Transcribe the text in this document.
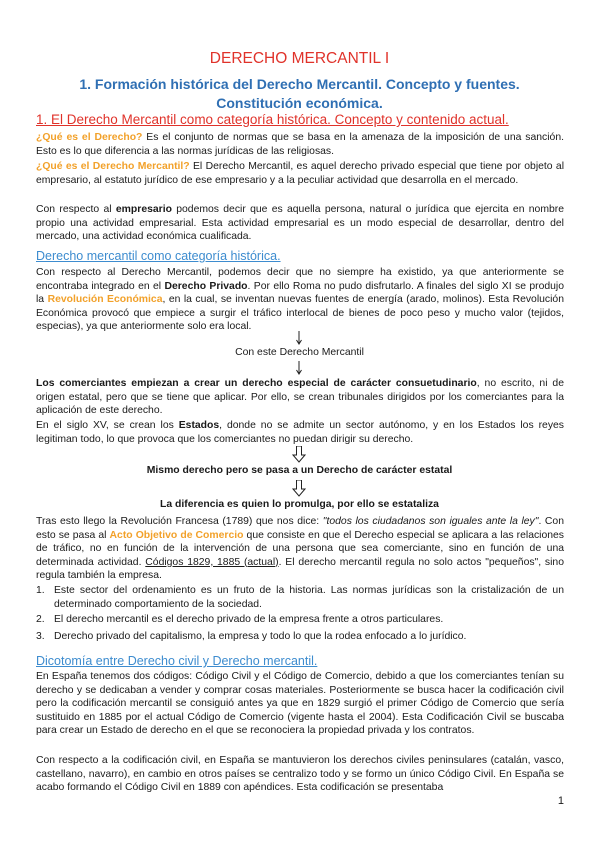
DERECHO MERCANTIL I
1. Formación histórica del Derecho Mercantil. Concepto y fuentes.
Constitución económica.
1. El Derecho Mercantil como categoría histórica. Concepto y contenido actual.

¿Qué es el Derecho? Es el conjunto de normas que se basa en la amenaza de la imposición de una sanción. Esto es lo que diferencia a las normas jurídicas de las religiosas.

¿Qué es el Derecho Mercantil? El Derecho Mercantil, es aquel derecho privado especial que tiene por objeto al empresario, al estatuto jurídico de ese empresario y a la peculiar actividad que desarrolla en el mercado.

Con respecto al empresario podemos decir que es aquella persona, natural o jurídica que ejercita en nombre propio una actividad empresarial. Esta actividad empresarial es un modo especial de desarrollar, dentro del mercado, una actividad económica cualificada.

Derecho mercantil como categoría histórica.

Con respecto al Derecho Mercantil, podemos decir que no siempre ha existido, ya que anteriormente se encontraba integrado en el Derecho Privado. Por ello Roma no pudo disfrutarlo. A finales del siglo XI se produjo la Revolución Económica, en la cual, se inventan nuevas fuentes de energía (arado, molinos). Esta Revolución Económica provocó que empiece a surgir el tráfico interlocal de bienes de poco peso y mucho valor (tejidos, especias), ya que anteriormente solo era local.

Con este Derecho Mercantil

Los comerciantes empiezan a crear un derecho especial de carácter consuetudinario, no escrito, ni de origen estatal, pero que se tiene que aplicar. Por ello, se crean tribunales dirigidos por los comerciantes para la aplicación de este derecho.

En el siglo XV, se crean los Estados, donde no se admite un sector autónomo, y en los Estados los reyes legitiman todo, lo que provoca que los comerciantes no puedan dirigir su derecho.

Mismo derecho pero se pasa a un Derecho de carácter estatal
La diferencia es quien lo promulga, por ello se estataliza

Tras esto llego la Revolución Francesa (1789) que nos dice: "todos los ciudadanos son iguales ante la ley". Con esto se pasa al Acto Objetivo de Comercio que consiste en que el Derecho especial se aplicara a las relaciones de tráfico, no en función de la intervención de una persona que sea comerciante, sino en función de una determinada actividad. Códigos 1829, 1885 (actual). El derecho mercantil regula no solo actos "pequeños", sino regula también la empresa.

1. Este sector del ordenamiento es un fruto de la historia. Las normas jurídicas son la cristalización de un determinado comportamiento de la sociedad.
2. El derecho mercantil es el derecho privado de la empresa frente a otros particulares.
3. Derecho privado del capitalismo, la empresa y todo lo que la rodea enfocado a lo jurídico.
Dicotomía entre Derecho civil y Derecho mercantil.

En España tenemos dos códigos: Código Civil y el Código de Comercio, debido a que los comerciantes tenían su derecho y se dedicaban a vender y comprar cosas materiales. Posteriormente se busca hacer la codificación civil pero la codificación mercantil se consiguió antes ya que en 1829 surgió el primer Código de Comercio que sería sustituido en 1885 por el actual Código de Comercio (vigente hasta el 2004). Esta Codificación Civil se buscaba para crear un Estado de derecho en el que se reconociera la propiedad privada y los contratos.

Con respecto a la codificación civil, en España se mantuvieron los derechos civiles peninsulares (catalán, vasco, castellano, navarro), en cambio en otros países se centralizo todo y se formo un único Código Civil. En España se acabo formando el Código Civil en 1889 con apéndices. Esta codificación se presentaba

1
